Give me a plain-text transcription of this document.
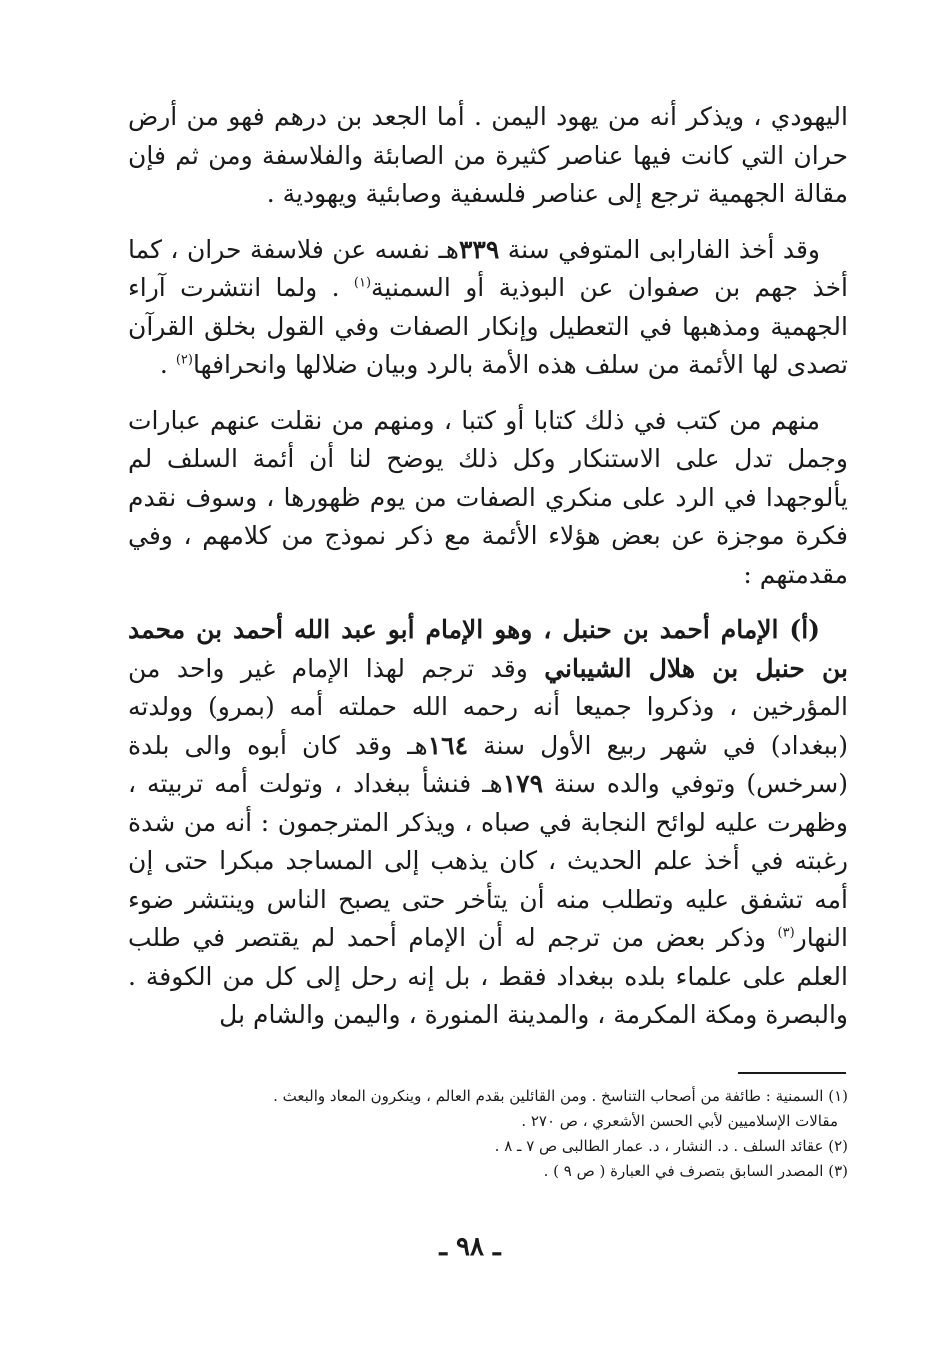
اليهودي ، ويذكر أنه من يهود اليمن . أما الجعد بن درهم فهو من أرض حران التي كانت فيها عناصر كثيرة من الصابئة والفلاسفة ومن ثم فإن مقالة الجهمية ترجع إلى عناصر فلسفية وصابئية ويهودية .

وقد أخذ الفارابى المتوفي سنة ٣٣٩هـ نفسه عن فلاسفة حران ، كما أخذ جهم بن صفوان عن البوذية أو السمنية$^{(١)}$ . ولما انتشرت آراء الجهمية ومذهبها في التعطيل وإنكار الصفات وفي القول بخلق القرآن تصدى لها الأئمة من سلف هذه الأمة بالرد وبيان ضلالها وانحرافها$^{(٢)}$ .

منهم من كتب في ذلك كتابا أو كتبا ، ومنهم من نقلت عنهم عبارات وجمل تدل على الاستنكار وكل ذلك يوضح لنا أن أئمة السلف لم يألوجهدا في الرد على منكري الصفات من يوم ظهورها ، وسوف نقدم فكرة موجزة عن بعض هؤلاء الأئمة مع ذكر نموذج من كلامهم ، وفي مقدمتهم :

(أ) الإمام أحمد بن حنبل ، وهو الإمام أبو عبد الله أحمد بن محمد بن حنبل بن هلال الشيباني وقد ترجم لهذا الإمام غير واحد من المؤرخين ، وذكروا جميعا أنه رحمه الله حملته أمه (بمرو) وولدته (ببغداد) في شهر ربيع الأول سنة ١٦٤هـ وقد كان أبوه والى بلدة (سرخس) وتوفي والده سنة ١٧٩هـ فنشأ ببغداد ، وتولت أمه تربيته ، وظهرت عليه لوائح النجابة في صباه ، ويذكر المترجمون : أنه من شدة رغبته في أخذ علم الحديث ، كان يذهب إلى المساجد مبكرا حتى إن أمه تشفق عليه وتطلب منه أن يتأخر حتى يصبح الناس وينتشر ضوء النهار$^{(٣)}$ وذكر بعض من ترجم له أن الإمام أحمد لم يقتصر في طلب العلم على علماء بلده ببغداد فقط ، بل إنه رحل إلى كل من الكوفة . والبصرة ومكة المكرمة ، والمدينة المنورة ، واليمن والشام بل

(١) السمنية : طائفة من أصحاب التناسخ . ومن القائلين بقدم العالم ، وينكرون المعاد والبعث .

مقالات الإسلاميين لأبي الحسن الأشعري ، ص ٢٧٠ .

(٢) عقائد السلف . د. النشار ، د. عمار الطالبى ص ٧ ـ ٨ .

(٣) المصدر السابق بتصرف في العبارة ( ص ٩ ) .

ـ ٩٨ ـ
